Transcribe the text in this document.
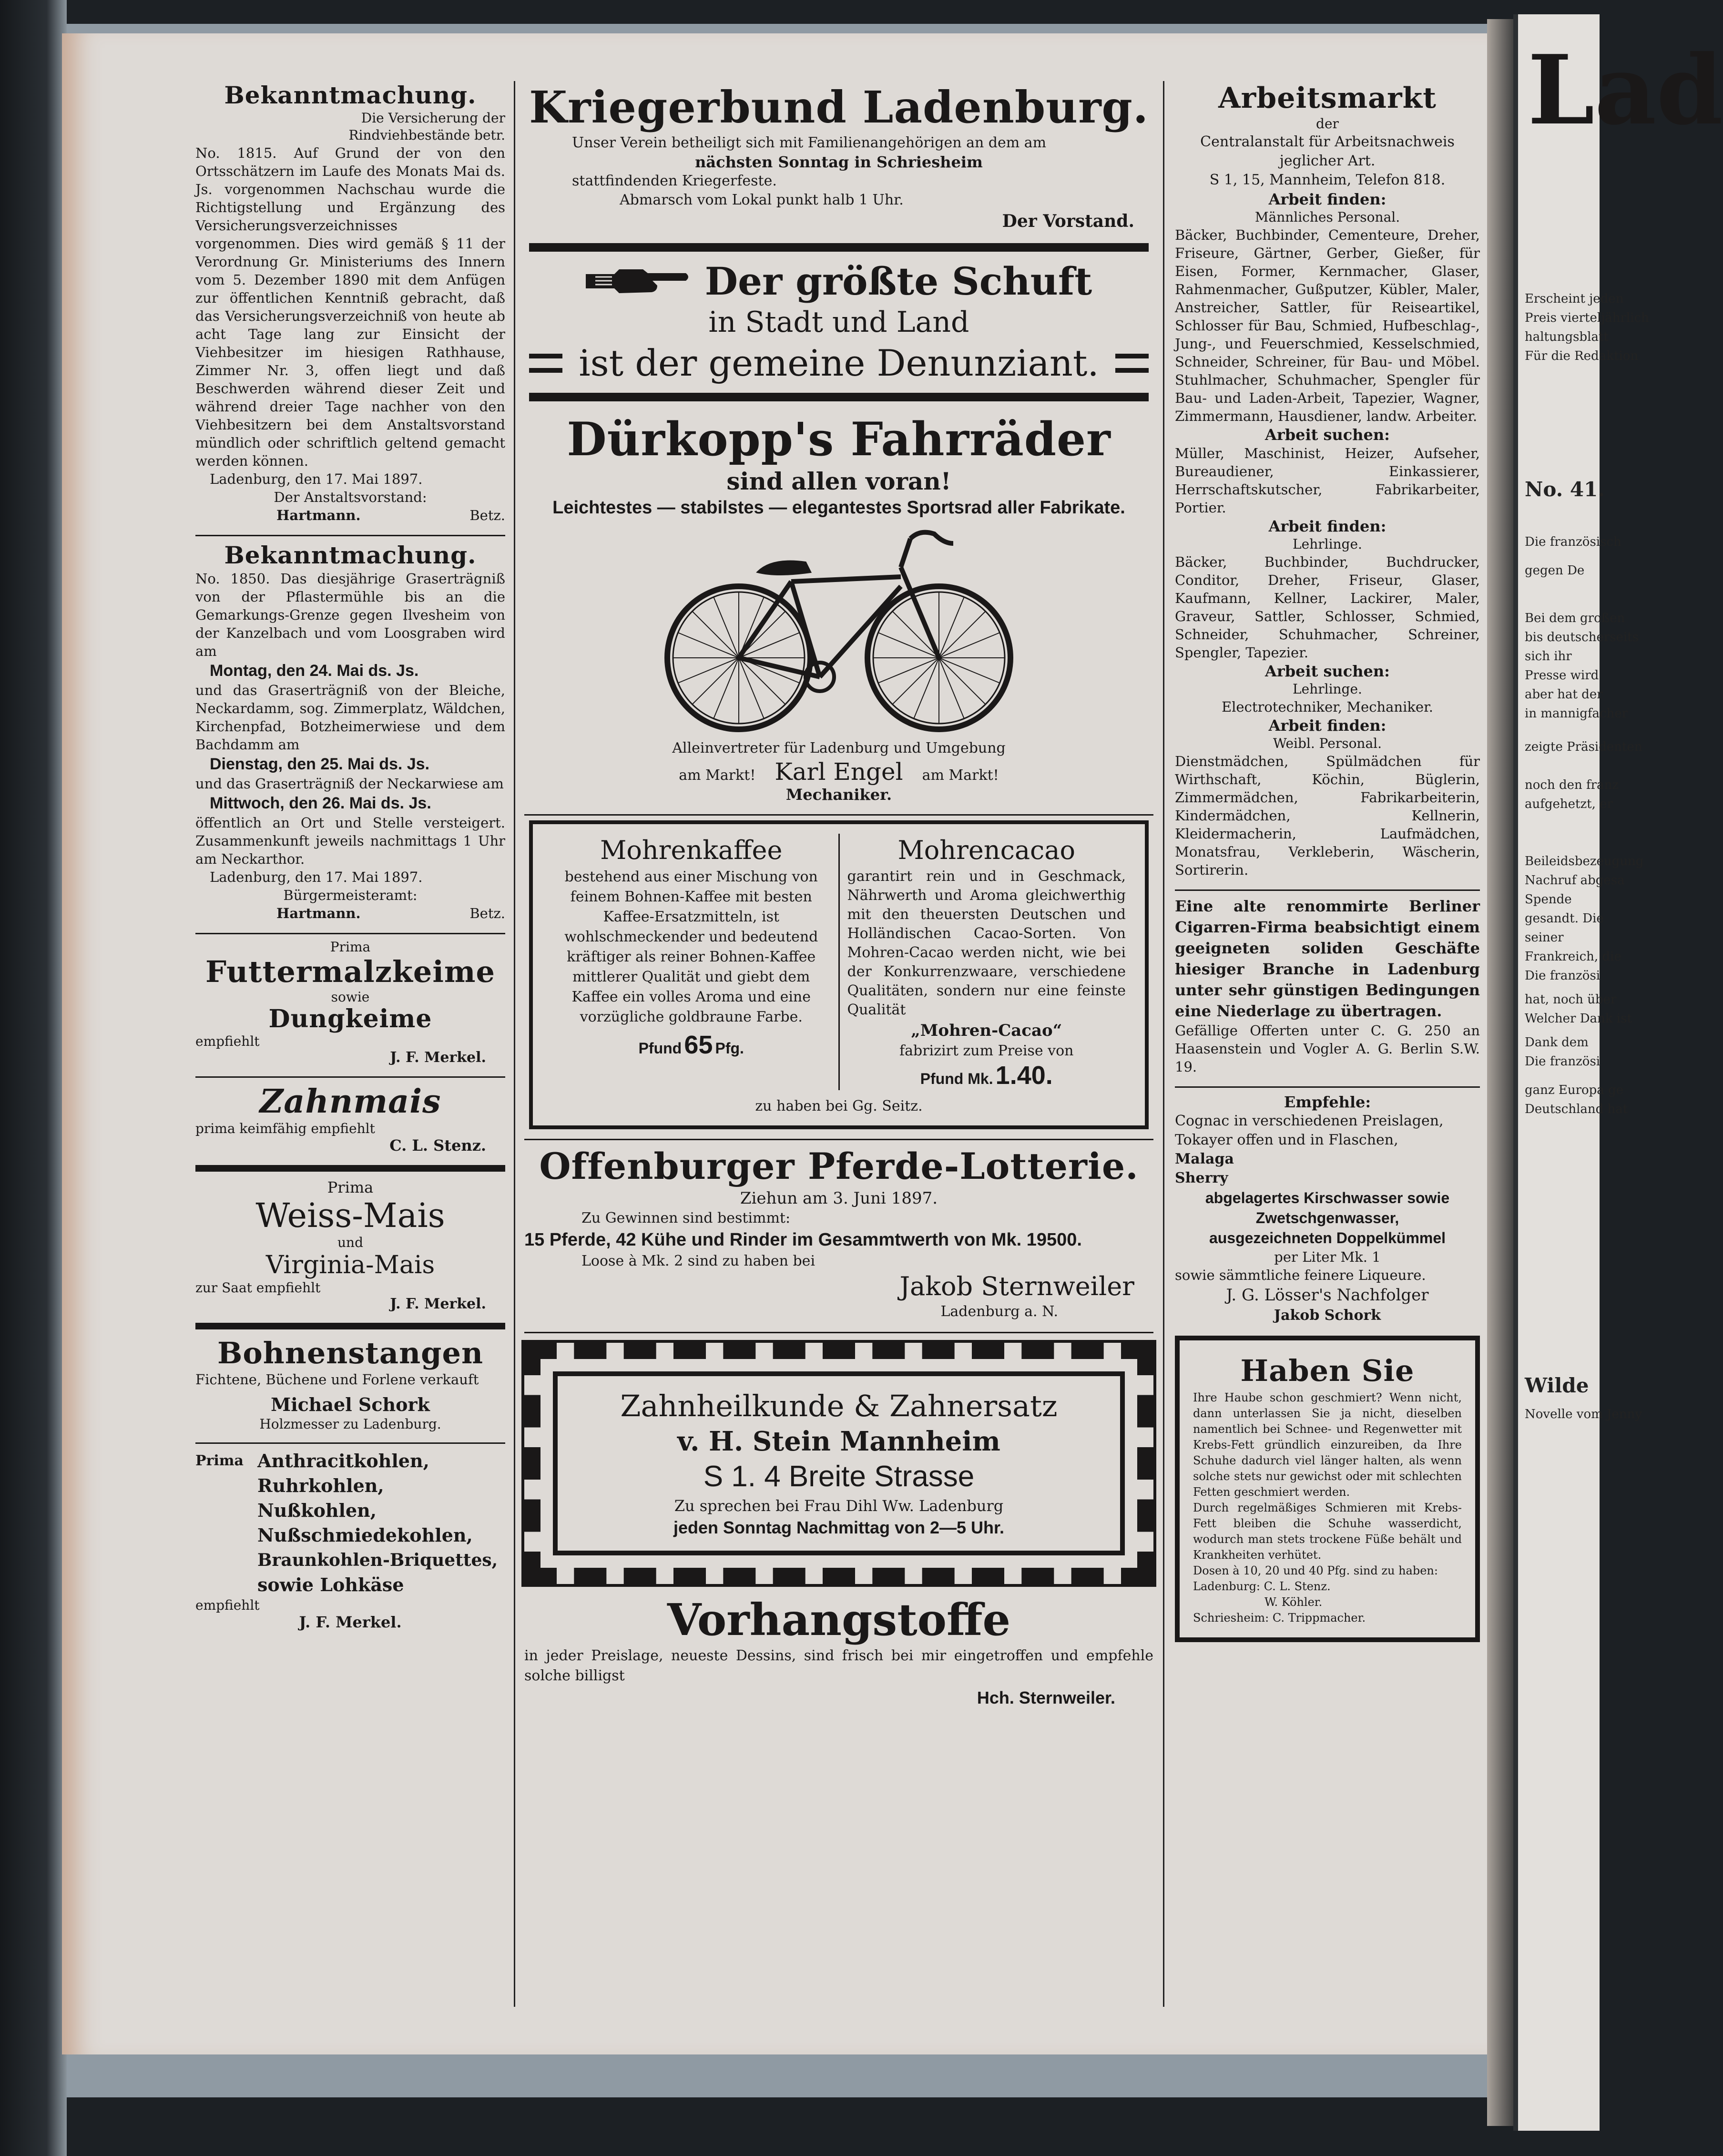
Bekanntmachung.
Die Versicherung der Rindviehbestände betr.
No. 1815. Auf Grund der von den Ortsschätzern im Laufe des Monats Mai ds. Js. vorgenommen Nachschau wurde die Richtigstellung und Ergänzung des Versicherungsverzeichnisses vorgenommen. Dies wird gemäß § 11 der Verordnung Gr. Ministeriums des Innern vom 5. Dezember 1890 mit dem Anfügen zur öffentlichen Kenntniß gebracht, daß das Versicherungsverzeichniß von heute ab acht Tage lang zur Einsicht der Viehbesitzer im hiesigen Rathhause, Zimmer Nr. 3, offen liegt und daß Beschwerden während dieser Zeit und während dreier Tage nachher von den Viehbesitzern bei dem Anstaltsvorstand mündlich oder schriftlich geltend gemacht werden können.
Ladenburg, den 17. Mai 1897.
Der Anstaltsvorstand:
Hartmann.	Betz.
Bekanntmachung.
No. 1850. Das diesjährige Graserträgniß von der Pflastermühle bis an die Gemarkungs-Grenze gegen Ilvesheim von der Kanzelbach und vom Loosgraben wird am
Montag, den 24. Mai ds. Js.
und das Graserträgniß von der Bleiche, Neckardamm, sog. Zimmerplatz, Wäldchen, Kirchenpfad, Botzheimerwiese und dem Bachdamm am
Dienstag, den 25. Mai ds. Js.
und das Graserträgniß der Neckarwiese am
Mittwoch, den 26. Mai ds. Js.
öffentlich an Ort und Stelle versteigert. Zusammenkunft jeweils nachmittags 1 Uhr am Neckarthor.
Ladenburg, den 17. Mai 1897.
Bürgermeisteramt:
Hartmann.	Betz.
Prima
Futtermalzkeime
sowie
Dungkeime
empfiehlt
J. F. Merkel.
Zahnmais
prima keimfähig empfiehlt
C. L. Stenz.
Prima
Weiss-Mais
und
Virginia-Mais
zur Saat empfiehlt
J. F. Merkel.
Bohnenstangen
Fichtene, Büchene und Forlene verkauft
Michael Schork
Holzmesser zu Ladenburg.
Prima Anthracitkohlen,
Ruhrkohlen,
Nußkohlen,
Nußschmiedekohlen,
Braunkohlen-Briquettes,
sowie Lohkäse
empfiehlt
J. F. Merkel.
Kriegerbund Ladenburg.
Unser Verein betheiligt sich mit Familienangehörigen an dem am
nächsten Sonntag in Schriesheim
stattfindenden Kriegerfeste.
Abmarsch vom Lokal punkt halb 1 Uhr.
Der Vorstand.
Der größte Schuft
in Stadt und Land
ist der gemeine Denunziant.
Dürkopp's Fahrräder
sind allen voran!
Leichtestes — stabilstes — elegantestes Sportsrad aller Fabrikate.
Alleinvertreter für Ladenburg und Umgebung
am Markt! Karl Engel am Markt!
Mechaniker.
Mohrenkaffee
bestehend aus einer Mischung von feinem Bohnen-Kaffee mit besten Kaffee-Ersatzmitteln, ist wohlschmeckender und bedeutend kräftiger als reiner Bohnen-Kaffee mittlerer Qualität und giebt dem Kaffee ein volles Aroma und eine vorzügliche goldbraune Farbe.
Pfund 65 Pfg.
Mohrencacao
garantirt rein und in Geschmack, Nährwerth und Aroma gleichwerthig mit den theuersten Deutschen und Holländischen Cacao-Sorten. Von Mohren-Cacao werden nicht, wie bei der Konkurrenzwaare, verschiedene Qualitäten, sondern nur eine feinste Qualität
„Mohren-Cacao“
fabrizirt zum Preise von
Pfund Mk. 1.40.
zu haben bei Gg. Seitz.
Offenburger Pferde-Lotterie.
Ziehun am 3. Juni 1897.
Zu Gewinnen sind bestimmt:
15 Pferde, 42 Kühe und Rinder im Gesammtwerth von Mk. 19500.
Loose à Mk. 2 sind zu haben bei
Jakob Sternweiler
Ladenburg a. N.
Zahnheilkunde & Zahnersatz
v. H. Stein Mannheim
S 1. 4 Breite Strasse
Zu sprechen bei Frau Dihl Ww. Ladenburg
jeden Sonntag Nachmittag von 2—5 Uhr.
Vorhangstoffe
in jeder Preislage, neueste Dessins, sind frisch bei mir eingetroffen und empfehle solche billigst
Hch. Sternweiler.
Arbeitsmarkt
der
Centralanstalt für Arbeitsnachweis jeglicher Art.
S 1, 15, Mannheim, Telefon 818.
Arbeit finden:
Männliches Personal.
Bäcker, Buchbinder, Cementeure, Dreher, Friseure, Gärtner, Gerber, Gießer, für Eisen, Former, Kernmacher, Glaser, Rahmenmacher, Gußputzer, Kübler, Maler, Anstreicher, Sattler, für Reiseartikel, Schlosser für Bau, Schmied, Hufbeschlag-, Jung-, und Feuerschmied, Kesselschmied, Schneider, Schreiner, für Bau- und Möbel. Stuhlmacher, Schuhmacher, Spengler für Bau- und Laden-Arbeit, Tapezier, Wagner, Zimmermann, Hausdiener, landw. Arbeiter.
Arbeit suchen:
Müller, Maschinist, Heizer, Aufseher, Bureaudiener, Einkassierer, Herrschaftskutscher, Fabrikarbeiter, Portier.
Arbeit finden:
Lehrlinge.
Bäcker, Buchbinder, Buchdrucker, Conditor, Dreher, Friseur, Glaser, Kaufmann, Kellner, Lackirer, Maler, Graveur, Sattler, Schlosser, Schmied, Schneider, Schuhmacher, Schreiner, Spengler, Tapezier.
Arbeit suchen:
Lehrlinge.
Electrotechniker, Mechaniker.
Arbeit finden:
Weibl. Personal.
Dienstmädchen, Spülmädchen für Wirthschaft, Köchin, Büglerin, Zimmermädchen, Fabrikarbeiterin, Kindermädchen, Kellnerin, Kleidermacherin, Laufmädchen, Monatsfrau, Verkleberin, Wäscherin, Sortirerin.
Eine alte renommirte Berliner Cigarren-Firma beabsichtigt einem geeigneten soliden Geschäfte hiesiger Branche in Ladenburg unter sehr günstigen Bedingungen eine Niederlage zu übertragen.
Gefällige Offerten unter C. G. 250 an Haasenstein und Vogler A. G. Berlin S.W. 19.
Empfehle:
Cognac in verschiedenen Preislagen,
Tokayer offen und in Flaschen,
Malaga
Sherry
abgelagertes Kirschwasser sowie
Zwetschgenwasser,
ausgezeichneten Doppelkümmel
per Liter Mk. 1
sowie sämmtliche feinere Liqueure.
J. G. Lösser's Nachfolger
Jakob Schork
Haben Sie
Ihre Haube schon geschmiert? Wenn nicht, dann unterlassen Sie ja nicht, dieselben namentlich bei Schnee- und Regenwetter mit Krebs-Fett gründlich einzureiben, da Ihre Schuhe dadurch viel länger halten, als wenn solche stets nur gewichst oder mit schlechten Fetten geschmiert werden.
Durch regelmäßiges Schmieren mit Krebs-Fett bleiben die Schuhe wasserdicht, wodurch man stets trockene Füße behält und Krankheiten verhütet.
Dosen à 10, 20 und 40 Pfg. sind zu haben:
Ladenburg: C. L. Stenz.
W. Köhler.
Schriesheim: C. Trippmacher.
Lad
Erscheint jeden
Preis vierteljährlich
haltungsblatt
Für die Redaktion
No. 41.
Die französisch
gegen De
Bei dem großen
bis deutscherseits
sich ihr
Presse wird
aber hat der
in mannigfacher
zeigte Präsidenten
noch den franz
aufgehetzt, er
Beileidsbezeugung
Nachruf abgesa
Spende
gesandt. Die
seiner
Frankreich, die
Die französi
hat, noch über
Welcher Dank ist
Dank dem
Die französi
ganz Europa ge
Deutschland hat
Wilde
Novelle vom Jenny
